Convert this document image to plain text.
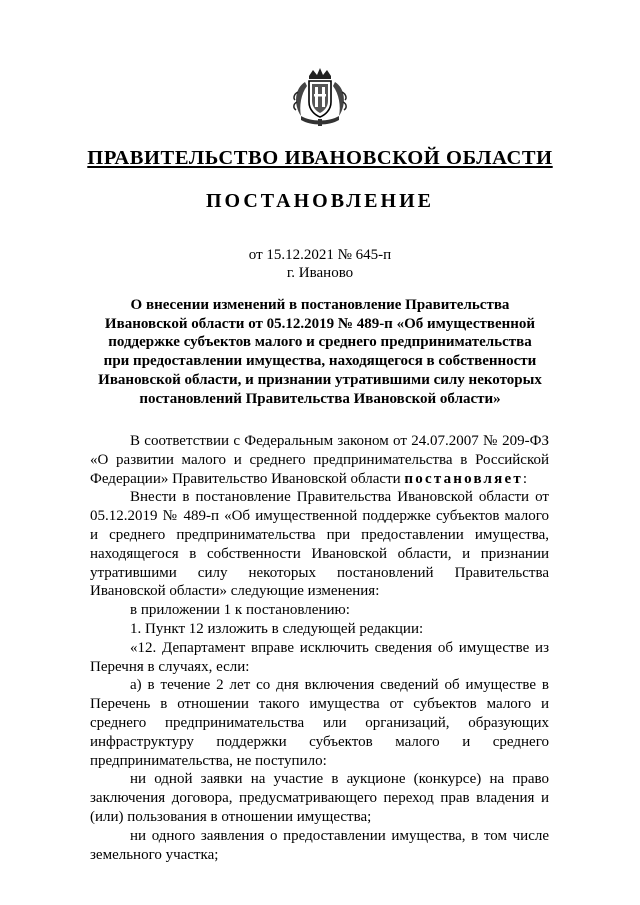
ПРАВИТЕЛЬСТВО ИВАНОВСКОЙ ОБЛАСТИ
ПОСТАНОВЛЕНИЕ
от 15.12.2021 № 645-п
г. Иваново
О внесении изменений в постановление Правительства
Ивановской области от 05.12.2019 № 489-п «Об имущественной
поддержке субъектов малого и среднего предпринимательства
при предоставлении имущества, находящегося в собственности
Ивановской области, и признании утратившими силу некоторых
постановлений Правительства Ивановской области»

В соответствии с Федеральным законом от 24.07.2007 № 209-ФЗ «О развитии малого и среднего предпринимательства в Российской Федерации» Правительство Ивановской области постановляет:

Внести в постановление Правительства Ивановской области от 05.12.2019 № 489-п «Об имущественной поддержке субъектов малого и среднего предпринимательства при предоставлении имущества, находящегося в собственности Ивановской области, и признании утратившими силу некоторых постановлений Правительства Ивановской области» следующие изменения:

в приложении 1 к постановлению:

1. Пункт 12 изложить в следующей редакции:

«12. Департамент вправе исключить сведения об имуществе из Перечня в случаях, если:

а) в течение 2 лет со дня включения сведений об имуществе в Перечень в отношении такого имущества от субъектов малого и среднего предпринимательства или организаций, образующих инфраструктуру поддержки субъектов малого и среднего предпринимательства, не поступило:

ни одной заявки на участие в аукционе (конкурсе) на право заключения договора, предусматривающего переход прав владения и (или) пользования в отношении имущества;

ни одного заявления о предоставлении имущества, в том числе земельного участка;
